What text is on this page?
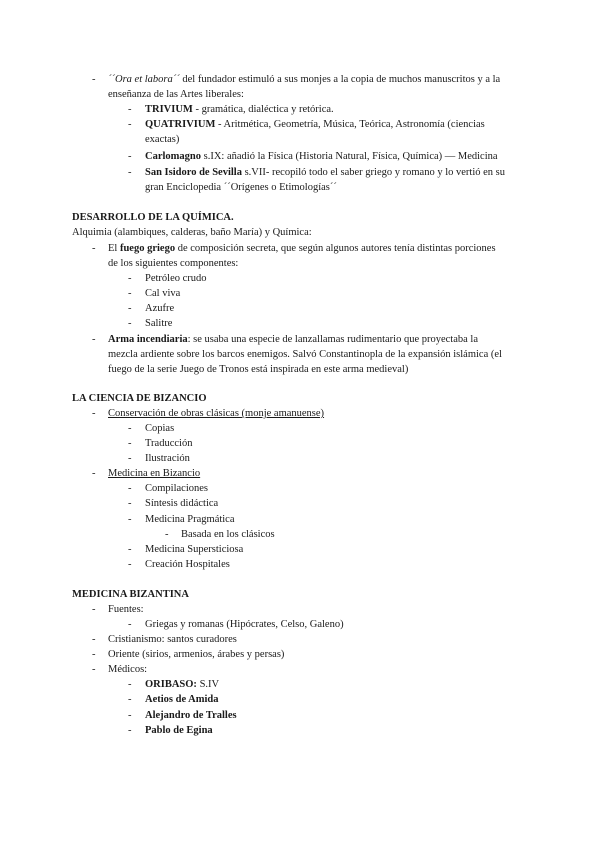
- ´´Ora et labora´´ del fundador estimuló a sus monjes a la copia de muchos manuscritos y a la
enseñanza de las Artes liberales:
- TRIVIUM - gramática, dialéctica y retórica.
- QUATRIVIUM - Aritmética, Geometría, Música, Teórica, Astronomía (ciencias
exactas)
- Carlomagno s.IX: añadió la Física (Historia Natural, Física, Química) — Medicina
- San Isidoro de Sevilla s.VII- recopiló todo el saber griego y romano y lo vertió en su
gran Enciclopedia ´´Orígenes o Etimologías´´
DESARROLLO DE LA QUÍMICA.
Alquimia (alambiques, calderas, baño María) y Química:
- El fuego griego de composición secreta, que según algunos autores tenía distintas porciones
de los siguientes componentes:
- Petróleo crudo
- Cal viva
- Azufre
- Salitre
- Arma incendiaria: se usaba una especie de lanzallamas rudimentario que proyectaba la
mezcla ardiente sobre los barcos enemigos. Salvó Constantinopla de la expansión islámica (el
fuego de la serie Juego de Tronos está inspirada en este arma medieval)
LA CIENCIA DE BIZANCIO
- Conservación de obras clásicas (monje amanuense)
- Copias
- Traducción
- Ilustración
- Medicina en Bizancio
- Compilaciones
- Síntesis didáctica
- Medicina Pragmática
- Basada en los clásicos
- Medicina Supersticiosa
- Creación Hospitales
MEDICINA BIZANTINA
- Fuentes:
- Griegas y romanas (Hipócrates, Celso, Galeno)
- Cristianismo: santos curadores
- Oriente (sirios, armenios, árabes y persas)
- Médicos:
- ORIBASO: S.IV
- Aetios de Amida
- Alejandro de Tralles
- Pablo de Egina
